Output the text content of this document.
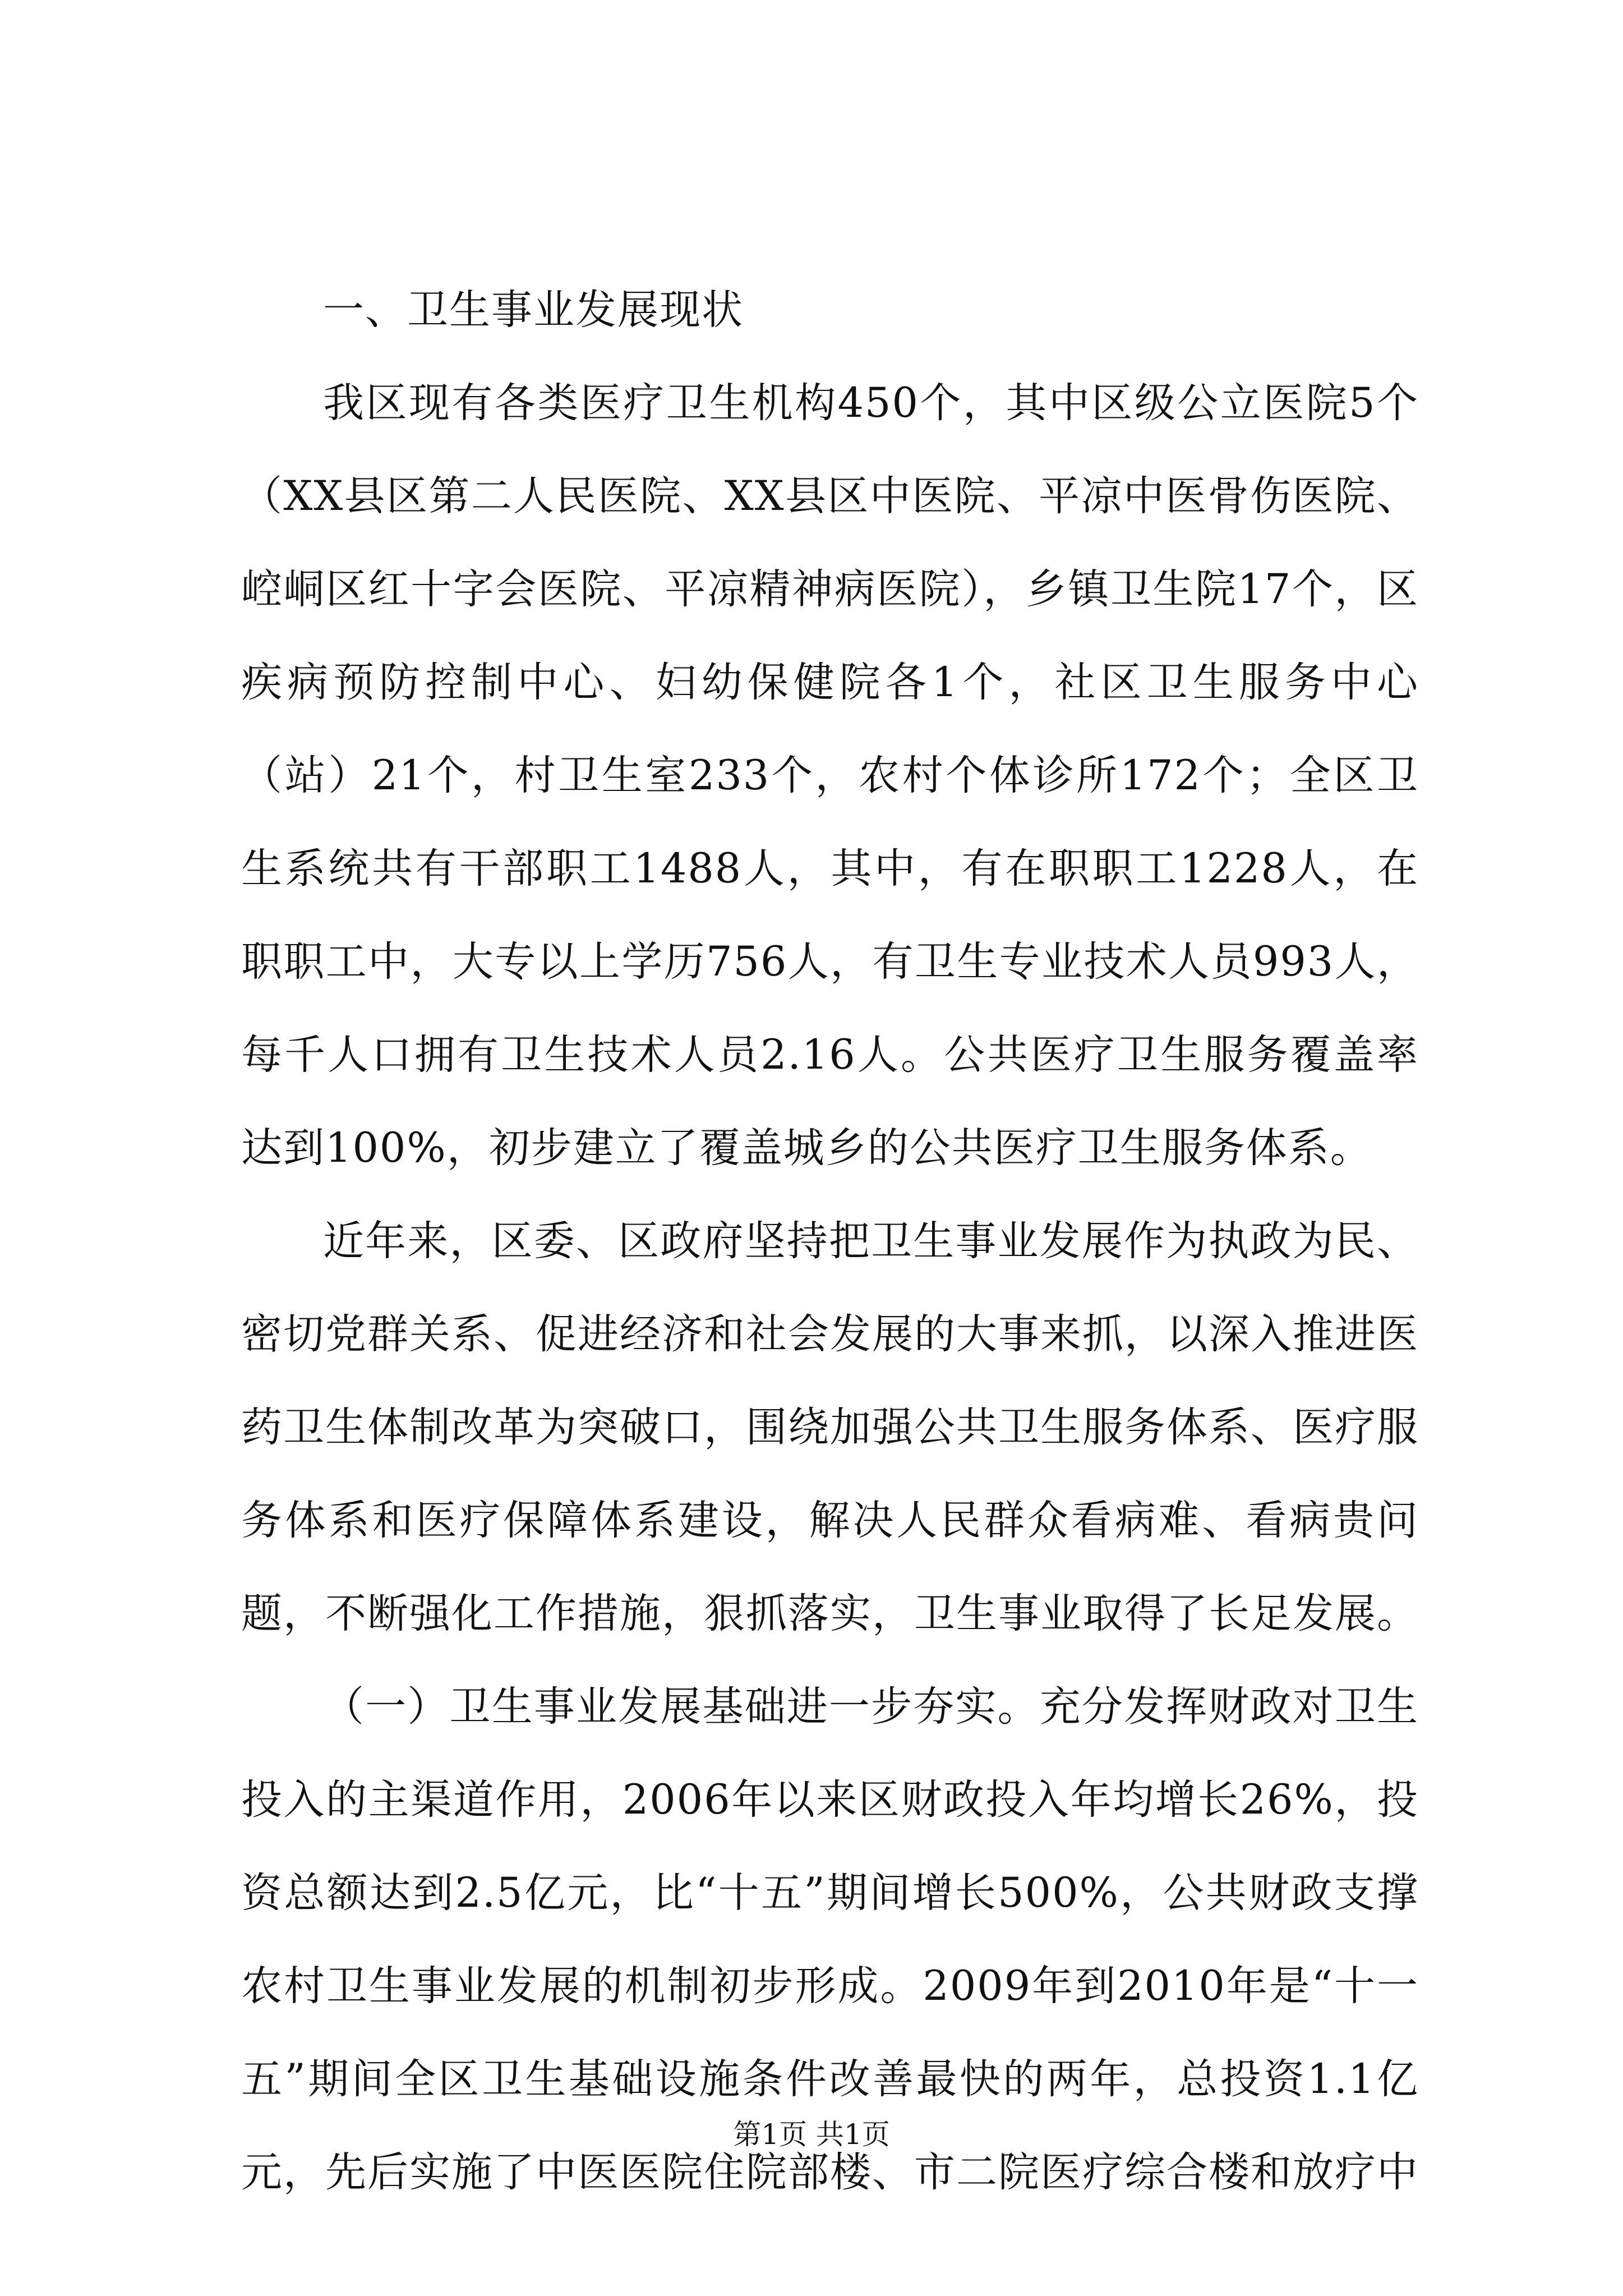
一、卫生事业发展现状

我区现有各类医疗卫生机构450个，其中区级公立医院5个（XX县区第二人民医院、XX县区中医院、平凉中医骨伤医院、崆峒区红十字会医院、平凉精神病医院），乡镇卫生院17个，区疾病预防控制中心、妇幼保健院各1个，社区卫生服务中心（站）21个，村卫生室233个，农村个体诊所172个；全区卫生系统共有干部职工1488人，其中，有在职职工1228人，在职职工中，大专以上学历756人，有卫生专业技术人员993人，每千人口拥有卫生技术人员2.16人。公共医疗卫生服务覆盖率达到100%，初步建立了覆盖城乡的公共医疗卫生服务体系。

近年来，区委、区政府坚持把卫生事业发展作为执政为民、密切党群关系、促进经济和社会发展的大事来抓，以深入推进医药卫生体制改革为突破口，围绕加强公共卫生服务体系、医疗服务体系和医疗保障体系建设，解决人民群众看病难、看病贵问题，不断强化工作措施，狠抓落实，卫生事业取得了长足发展。

（一）卫生事业发展基础进一步夯实。充分发挥财政对卫生投入的主渠道作用，2006年以来区财政投入年均增长26%，投资总额达到2.5亿元，比“十五”期间增长500%，公共财政支撑农村卫生事业发展的机制初步形成。2009年到2010年是“十一五”期间全区卫生基础设施条件改善最快的两年，总投资1.1亿元，先后实施了中医医院住院部楼、市二院医疗综合楼和放疗中

第1页 共1页
